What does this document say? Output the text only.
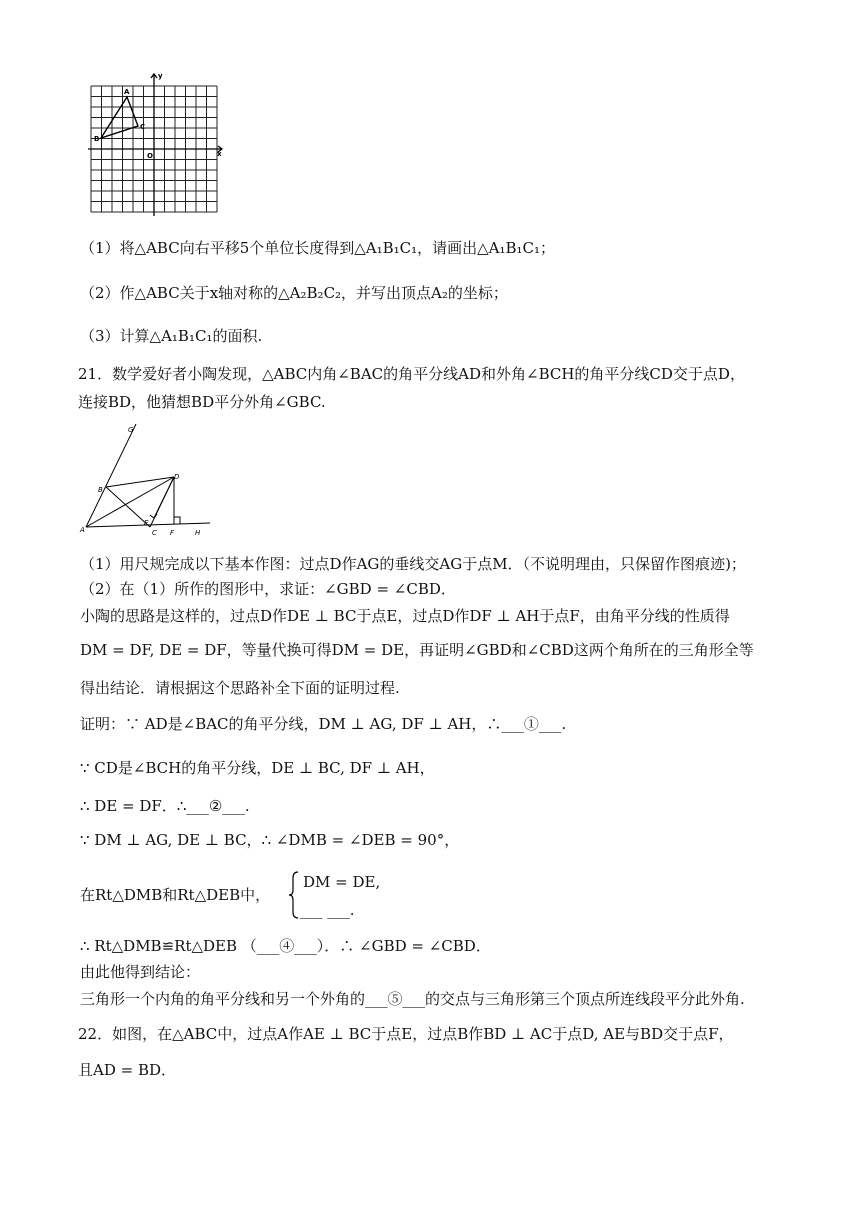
y
x
O
A
B
C
（1）将△ABC向右平移5个单位长度得到△A₁B₁C₁，请画出△A₁B₁C₁；
（2）作△ABC关于x轴对称的△A₂B₂C₂，并写出顶点A₂的坐标；
（3）计算△A₁B₁C₁的面积.
21．数学爱好者小陶发现，△ABC内角∠BAC的角平分线AD和外角∠BCH的角平分线CD交于点D，
连接BD，他猜想BD平分外角∠GBC.
G
B
D
A
E
C F	H
（1）用尺规完成以下基本作图：过点D作AG的垂线交AG于点M．（不说明理由，只保留作图痕迹)；
（2）在（1）所作的图形中，求证：∠GBD = ∠CBD．
小陶的思路是这样的，过点D作DE ⊥ BC于点E，过点D作DF ⊥ AH于点F，由角平分线的性质得
DM = DF, DE = DF，等量代换可得DM = DE，再证明∠GBD和∠CBD这两个角所在的三角形全等
得出结论．请根据这个思路补全下面的证明过程.
证明：∵ AD是∠BAC的角平分线，DM ⊥ AG, DF ⊥ AH，∴___①___.
∵ CD是∠BCH的角平分线，DE ⊥ BC, DF ⊥ AH，
∴ DE = DF．∴___②___.
∵ DM ⊥ AG, DE ⊥ BC，∴ ∠DMB = ∠DEB = 90°，
在Rt△DMB和Rt△DEB中，
DM = DE,
___ ___.
∴ Rt△DMB≌Rt△DEB （___④___）．∴ ∠GBD = ∠CBD．
由此他得到结论：
三角形一个内角的角平分线和另一个外角的___⑤___的交点与三角形第三个顶点所连线段平分此外角.
22．如图，在△ABC中，过点A作AE ⊥ BC于点E，过点B作BD ⊥ AC于点D, AE与BD交于点F，
且AD = BD．
